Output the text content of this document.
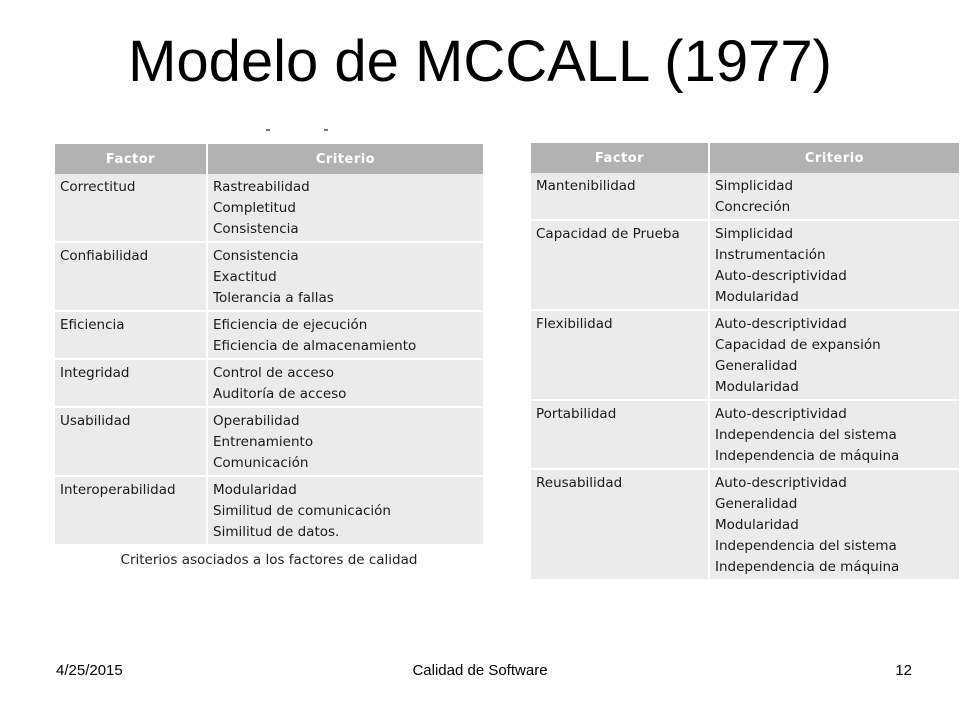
Modelo de MCCALL (1977)
Factor	Criterio
Correctitud	Rastreabilidad
Completitud
Consistencia
Confiabilidad	Consistencia
Exactitud
Tolerancia a fallas
Eficiencia	Eficiencia de ejecución
Eficiencia de almacenamiento
Integridad	Control de acceso
Auditoría de acceso
Usabilidad	Operabilidad
Entrenamiento
Comunicación
Interoperabilidad	Modularidad
Similitud de comunicación
Similitud de datos.
Criterios asociados a los factores de calidad
Factor	Criterio
Mantenibilidad	Simplicidad
Concreción
Capacidad de Prueba	Simplicidad
Instrumentación
Auto-descriptividad
Modularidad
Flexibilidad	Auto-descriptividad
Capacidad de expansión
Generalidad
Modularidad
Portabilidad	Auto-descriptividad
Independencia del sistema
Independencia de máquina
Reusabilidad	Auto-descriptividad
Generalidad
Modularidad
Independencia del sistema
Independencia de máquina
4/25/2015	Calidad de Software	12
